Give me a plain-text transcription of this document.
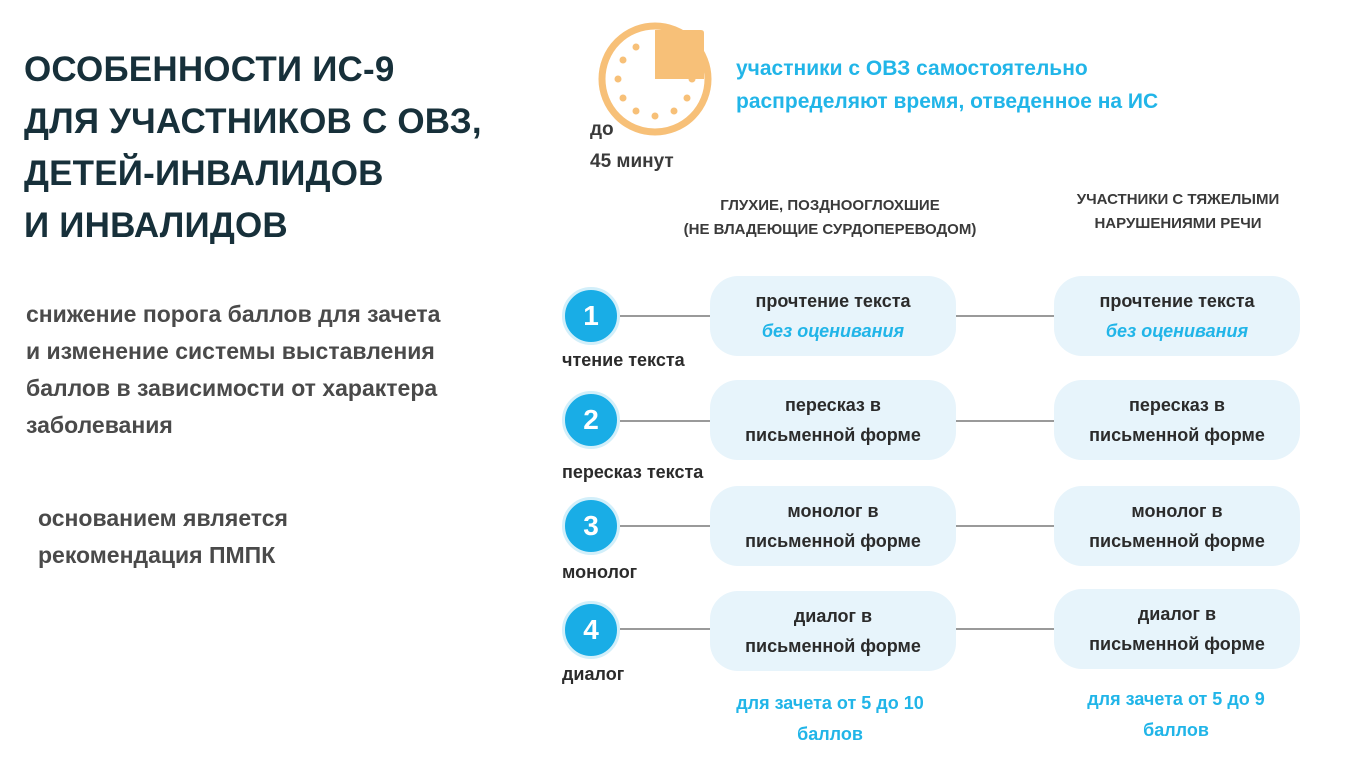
ОСОБЕННОСТИ ИС-9
ДЛЯ УЧАСТНИКОВ С ОВЗ,
ДЕТЕЙ-ИНВАЛИДОВ
И ИНВАЛИДОВ
снижение порога баллов для зачета
и изменение системы выставления
баллов в зависимости от характера
заболевания
основанием является
рекомендация ПМПК
до
45 минут
участники с ОВЗ самостоятельно
распределяют время, отведенное на ИС
ГЛУХИЕ, ПОЗДНООГЛОХШИЕ
(НЕ ВЛАДЕЮЩИЕ СУРДОПЕРЕВОДОМ)
УЧАСТНИКИ С ТЯЖЕЛЫМИ
НАРУШЕНИЯМИ РЕЧИ
1
чтение текста
прочтение текста
без оценивания
прочтение текста
без оценивания
2
пересказ текста
пересказ в
письменной форме
пересказ в
письменной форме
3
монолог
монолог в
письменной форме
монолог в
письменной форме
4
диалог
диалог в
письменной форме
диалог в
письменной форме
для зачета от 5 до 10
баллов
для зачета от 5 до 9
баллов
